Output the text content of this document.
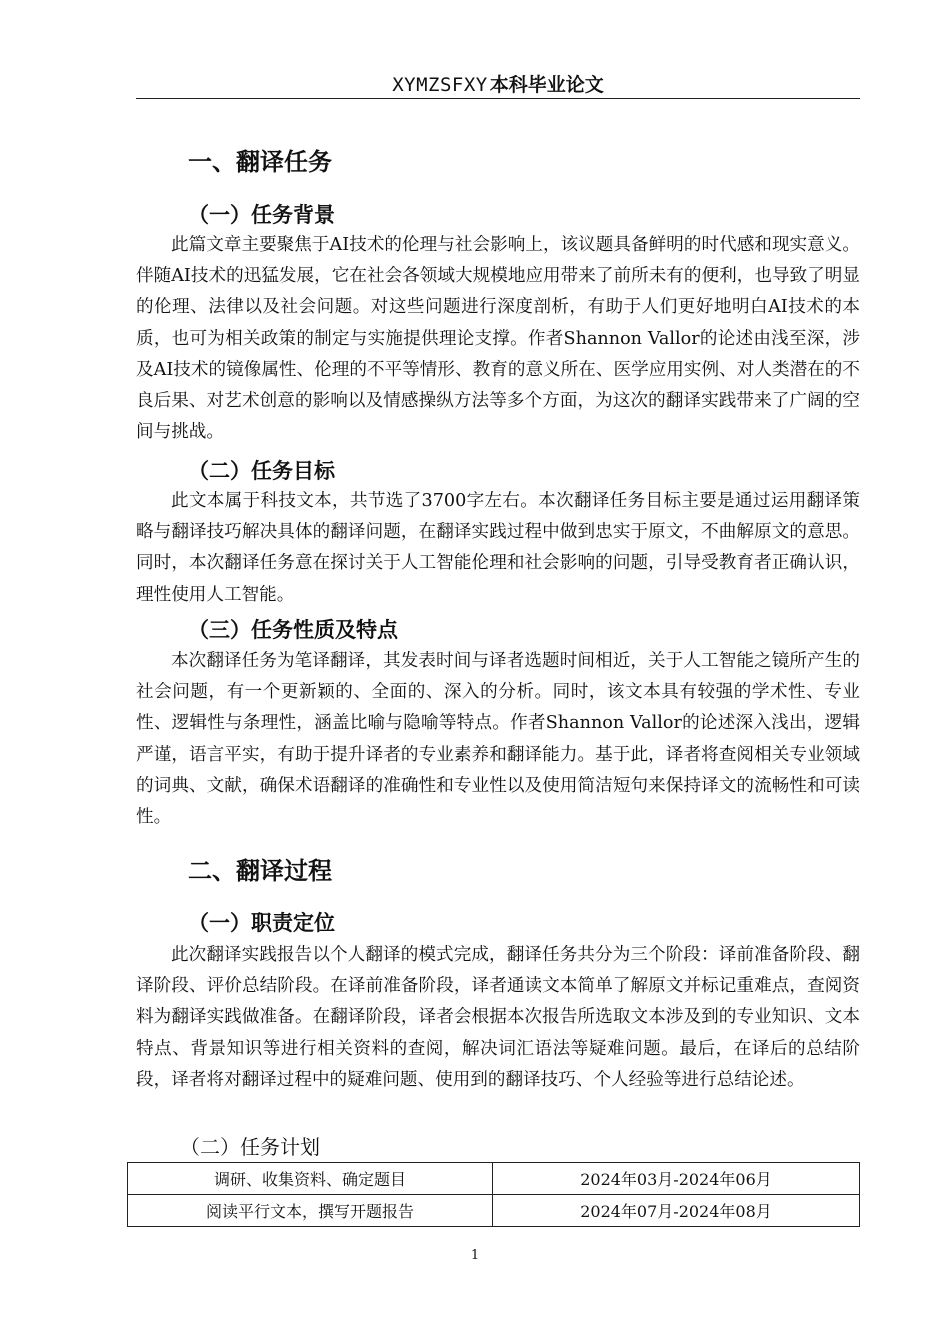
XYMZSFXY 本科毕业论文
一、翻译任务
（一）任务背景

此篇文章主要聚焦于AI技术的伦理与社会影响上，该议题具备鲜明的时代感和现实意义。伴随AI技术的迅猛发展，它在社会各领域大规模地应用带来了前所未有的便利，也导致了明显的伦理、法律以及社会问题。对这些问题进行深度剖析，有助于人们更好地明白AI技术的本质，也可为相关政策的制定与实施提供理论支撑。作者Shannon Vallor的论述由浅至深，涉及AI技术的镜像属性、伦理的不平等情形、教育的意义所在、医学应用实例、对人类潜在的不良后果、对艺术创意的影响以及情感操纵方法等多个方面，为这次的翻译实践带来了广阔的空间与挑战。

（二）任务目标

此文本属于科技文本，共节选了3700字左右。本次翻译任务目标主要是通过运用翻译策略与翻译技巧解决具体的翻译问题，在翻译实践过程中做到忠实于原文，不曲解原文的意思。同时，本次翻译任务意在探讨关于人工智能伦理和社会影响的问题，引导受教育者正确认识，理性使用人工智能。

（三）任务性质及特点

本次翻译任务为笔译翻译，其发表时间与译者选题时间相近，关于人工智能之镜所产生的社会问题，有一个更新颖的、全面的、深入的分析。同时，该文本具有较强的学术性、专业性、逻辑性与条理性，涵盖比喻与隐喻等特点。作者Shannon Vallor的论述深入浅出，逻辑严谨，语言平实，有助于提升译者的专业素养和翻译能力。基于此，译者将查阅相关专业领域的词典、文献，确保术语翻译的准确性和专业性以及使用简洁短句来保持译文的流畅性和可读性。

二、翻译过程
（一）职责定位

此次翻译实践报告以个人翻译的模式完成，翻译任务共分为三个阶段：译前准备阶段、翻译阶段、评价总结阶段。在译前准备阶段，译者通读文本简单了解原文并标记重难点，查阅资料为翻译实践做准备。在翻译阶段，译者会根据本次报告所选取文本涉及到的专业知识、文本特点、背景知识等进行相关资料的查阅，解决词汇语法等疑难问题。最后，在译后的总结阶段，译者将对翻译过程中的疑难问题、使用到的翻译技巧、个人经验等进行总结论述。

（二）任务计划
调研、收集资料、确定题目	2024年03月-2024年06月
阅读平行文本，撰写开题报告	2024年07月-2024年08月
1
